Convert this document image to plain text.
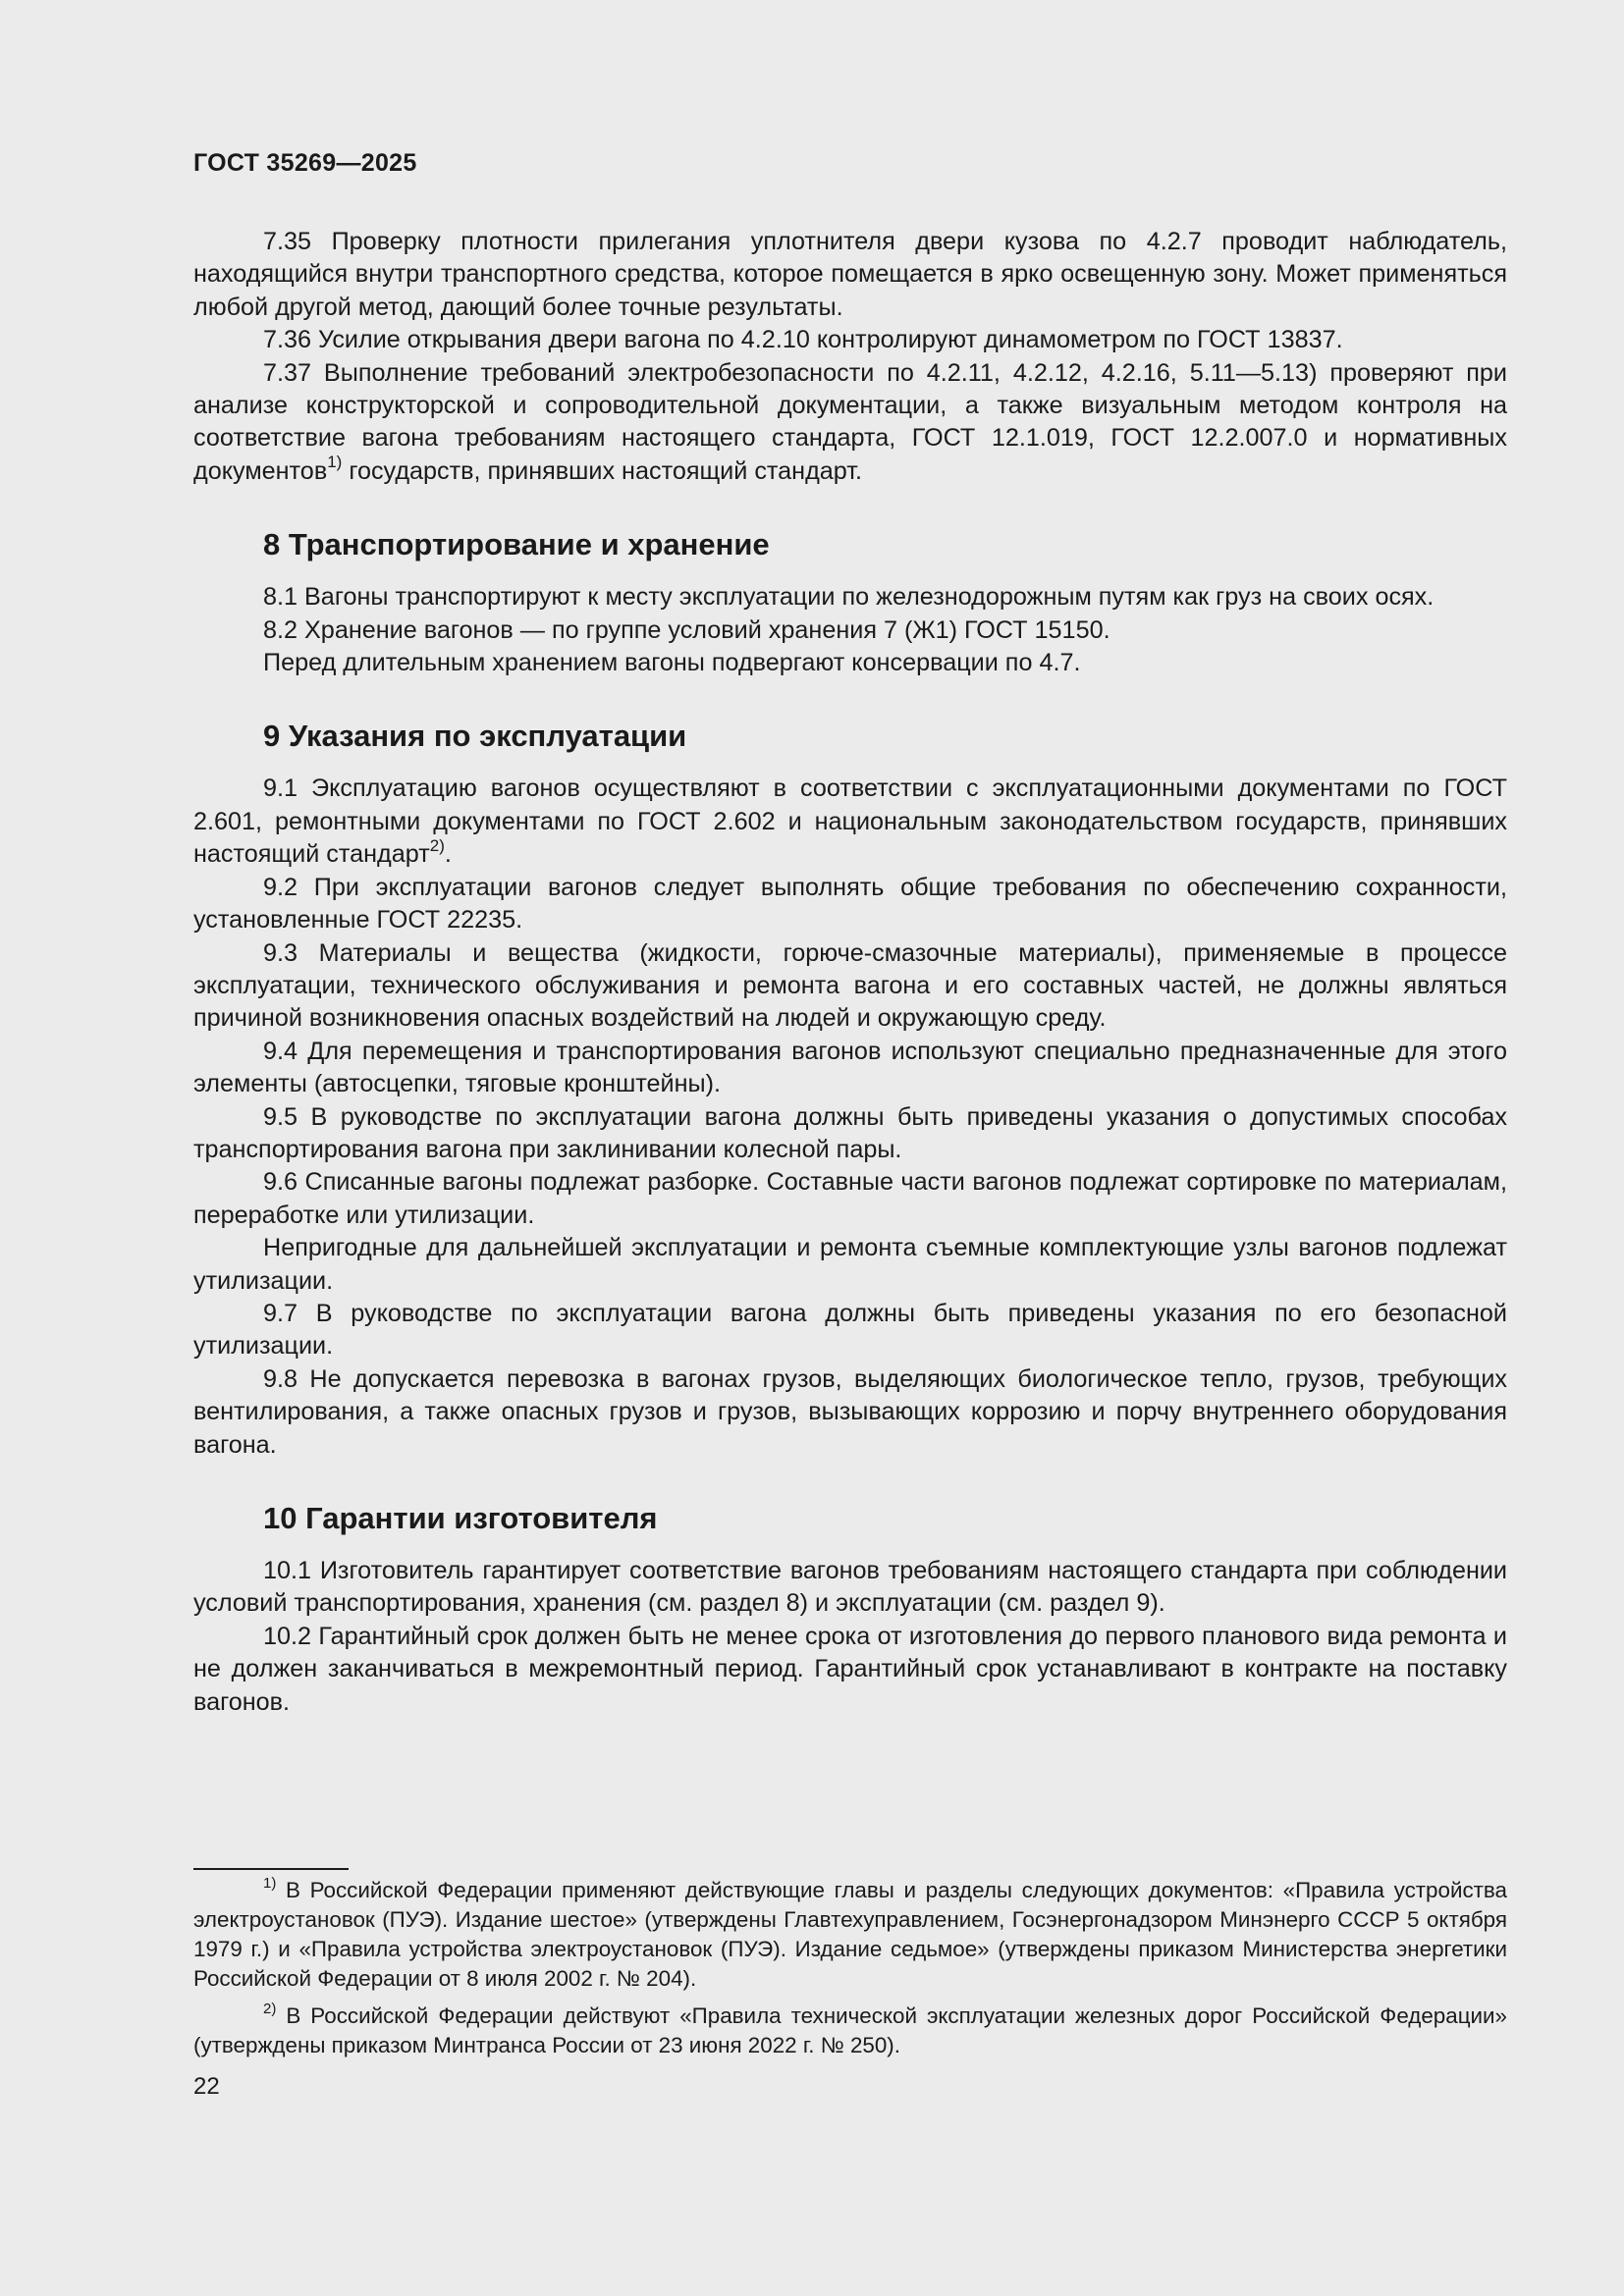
ГОСТ 35269—2025

7.35 Проверку плотности прилегания уплотнителя двери кузова по 4.2.7 проводит наблюдатель, находящийся внутри транспортного средства, которое помещается в ярко освещенную зону. Может применяться любой другой метод, дающий более точные результаты.

7.36 Усилие открывания двери вагона по 4.2.10 контролируют динамометром по ГОСТ 13837.

7.37 Выполнение требований электробезопасности по 4.2.11, 4.2.12, 4.2.16, 5.11—5.13) проверяют при анализе конструкторской и сопроводительной документации, а также визуальным методом контроля на соответствие вагона требованиям настоящего стандарта, ГОСТ 12.1.019, ГОСТ 12.2.007.0 и нормативных документов$^{1)}$ государств, принявших настоящий стандарт.

8 Транспортирование и хранение

8.1 Вагоны транспортируют к месту эксплуатации по железнодорожным путям как груз на своих осях.

8.2 Хранение вагонов — по группе условий хранения 7 (Ж1) ГОСТ 15150.

Перед длительным хранением вагоны подвергают консервации по 4.7.

9 Указания по эксплуатации

9.1 Эксплуатацию вагонов осуществляют в соответствии с эксплуатационными документами по ГОСТ 2.601, ремонтными документами по ГОСТ 2.602 и национальным законодательством государств, принявших настоящий стандарт$^{2)}$.

9.2 При эксплуатации вагонов следует выполнять общие требования по обеспечению сохранности, установленные ГОСТ 22235.

9.3 Материалы и вещества (жидкости, горюче-смазочные материалы), применяемые в процессе эксплуатации, технического обслуживания и ремонта вагона и его составных частей, не должны являться причиной возникновения опасных воздействий на людей и окружающую среду.

9.4 Для перемещения и транспортирования вагонов используют специально предназначенные для этого элементы (автосцепки, тяговые кронштейны).

9.5 В руководстве по эксплуатации вагона должны быть приведены указания о допустимых способах транспортирования вагона при заклинивании колесной пары.

9.6 Списанные вагоны подлежат разборке. Составные части вагонов подлежат сортировке по материалам, переработке или утилизации.

Непригодные для дальнейшей эксплуатации и ремонта съемные комплектующие узлы вагонов подлежат утилизации.

9.7 В руководстве по эксплуатации вагона должны быть приведены указания по его безопасной утилизации.

9.8 Не допускается перевозка в вагонах грузов, выделяющих биологическое тепло, грузов, требующих вентилирования, а также опасных грузов и грузов, вызывающих коррозию и порчу внутреннего оборудования вагона.

10 Гарантии изготовителя

10.1 Изготовитель гарантирует соответствие вагонов требованиям настоящего стандарта при соблюдении условий транспортирования, хранения (см. раздел 8) и эксплуатации (см. раздел 9).

10.2 Гарантийный срок должен быть не менее срока от изготовления до первого планового вида ремонта и не должен заканчиваться в межремонтный период. Гарантийный срок устанавливают в контракте на поставку вагонов.

$^{1)}$ В Российской Федерации применяют действующие главы и разделы следующих документов: «Правила устройства электроустановок (ПУЭ). Издание шестое» (утверждены Главтехуправлением, Госэнергонадзором Минэнерго СССР 5 октября 1979 г.) и «Правила устройства электроустановок (ПУЭ). Издание седьмое» (утверждены приказом Министерства энергетики Российской Федерации от 8 июля 2002 г. № 204).

$^{2)}$ В Российской Федерации действуют «Правила технической эксплуатации железных дорог Российской Федерации» (утверждены приказом Минтранса России от 23 июня 2022 г. № 250).

22
